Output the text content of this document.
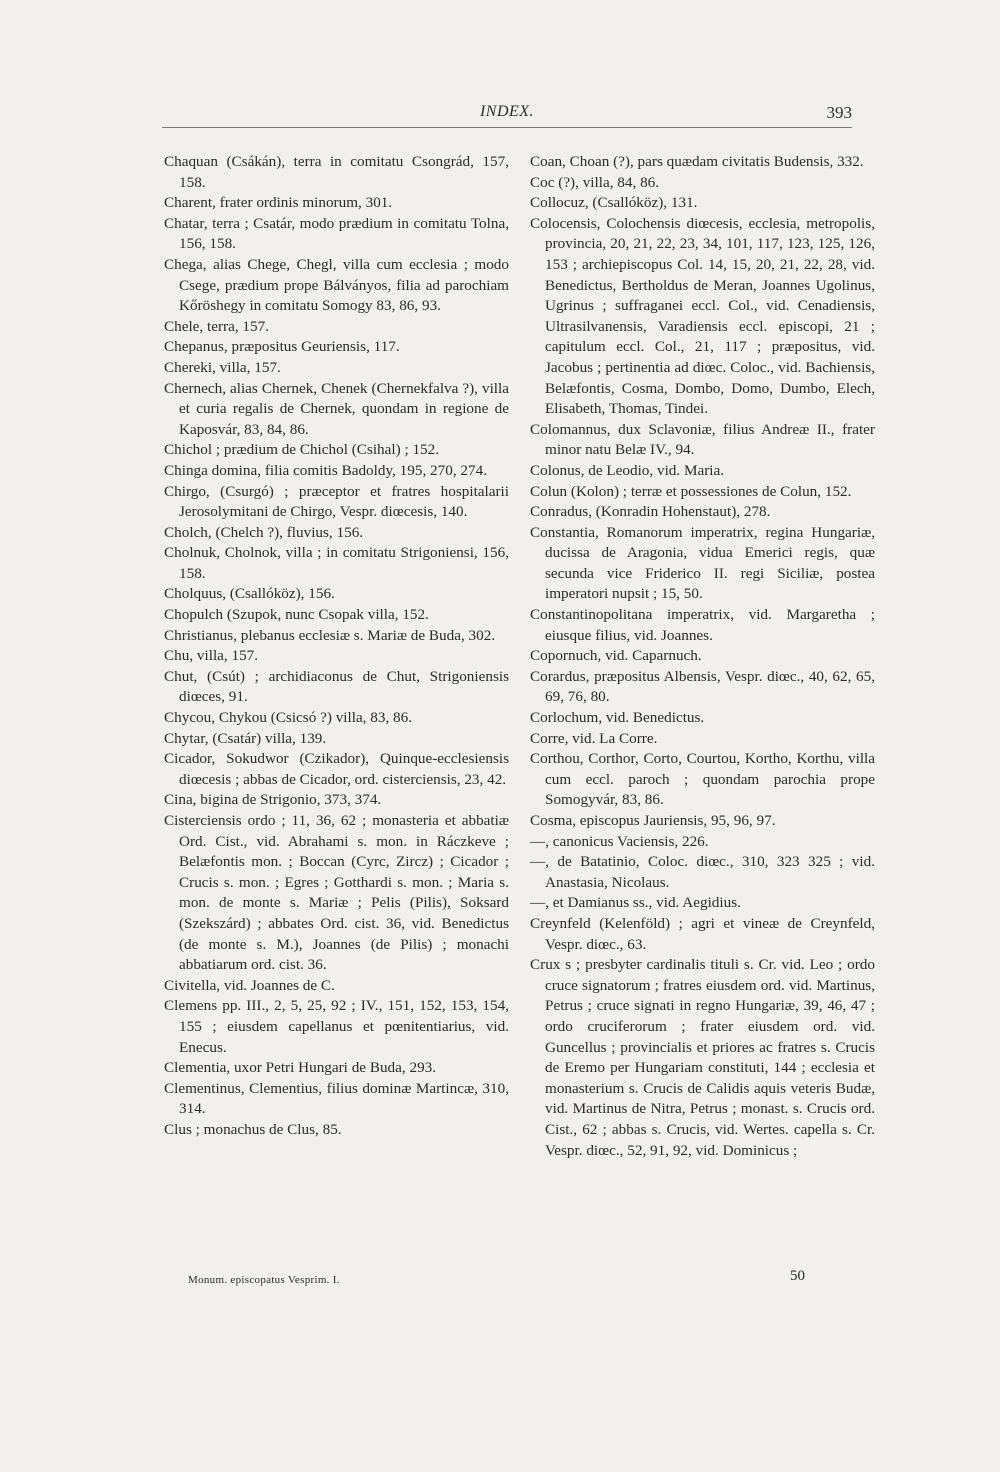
INDEX.	393

Chaquan (Csákán), terra in comitatu Csongrád, 157, 158.

Charent, frater ordinis minorum, 301.

Chatar, terra ; Csatár, modo prædium in comitatu Tolna, 156, 158.

Chega, alias Chege, Chegl, villa cum ecclesia ; modo Csege, prædium prope Bálványos, filia ad parochiam Kőröshegy in comitatu Somogy 83, 86, 93.

Chele, terra, 157.

Chepanus, præpositus Geuriensis, 117.

Chereki, villa, 157.

Chernech, alias Chernek, Chenek (Chernekfalva ?), villa et curia regalis de Chernek, quondam in regione de Kaposvár, 83, 84, 86.

Chichol ; prædium de Chichol (Csihal) ; 152.

Chinga domina, filia comitis Badoldy, 195, 270, 274.

Chirgo, (Csurgó) ; præceptor et fratres hospitalarii Jerosolymitani de Chirgo, Vespr. diœcesis, 140.

Cholch, (Chelch ?), fluvius, 156.

Cholnuk, Cholnok, villa ; in comitatu Strigoniensi, 156, 158.

Cholquus, (Csallóköz), 156.

Chopulch (Szupok, nunc Csopak villa, 152.

Christianus, plebanus ecclesiæ s. Mariæ de Buda, 302.

Chu, villa, 157.

Chut, (Csút) ; archidiaconus de Chut, Strigoniensis diœces, 91.

Chycou, Chykou (Csicsó ?) villa, 83, 86.

Chytar, (Csatár) villa, 139.

Cicador, Sokudwor (Czikador), Quinque-ecclesiensis diœcesis ; abbas de Cicador, ord. cisterciensis, 23, 42.

Cina, bigina de Strigonio, 373, 374.

Cisterciensis ordo ; 11, 36, 62 ; monasteria et abbatiæ Ord. Cist., vid. Abrahami s. mon. in Ráczkeve ; Belæfontis mon. ; Boccan (Cyrc, Zircz) ; Cicador ; Crucis s. mon. ; Egres ; Gotthardi s. mon. ; Maria s. mon. de monte s. Mariæ ; Pelis (Pilis), Soksard (Szekszárd) ; abbates Ord. cist. 36, vid. Benedictus (de monte s. M.), Joannes (de Pilis) ; monachi abbatiarum ord. cist. 36.

Civitella, vid. Joannes de C.

Clemens pp. III., 2, 5, 25, 92 ; IV., 151, 152, 153, 154, 155 ; eiusdem capellanus et pœnitentiarius, vid. Enecus.

Clementia, uxor Petri Hungari de Buda, 293.

Clementinus, Clementius, filius dominæ Martincæ, 310, 314.

Clus ; monachus de Clus, 85.

Coan, Choan (?), pars quædam civitatis Budensis, 332.

Coc (?), villa, 84, 86.

Collocuz, (Csallóköz), 131.

Colocensis, Colochensis diœcesis, ecclesia, metropolis, provincia, 20, 21, 22, 23, 34, 101, 117, 123, 125, 126, 153 ; archiepiscopus Col. 14, 15, 20, 21, 22, 28, vid. Benedictus, Bertholdus de Meran, Joannes Ugolinus, Ugrinus ; suffraganei eccl. Col., vid. Cenadiensis, Ultrasilvanensis, Varadiensis eccl. episcopi, 21 ; capitulum eccl. Col., 21, 117 ; præpositus, vid. Jacobus ; pertinentia ad diœc. Coloc., vid. Bachiensis, Belæfontis, Cosma, Dombo, Domo, Dumbo, Elech, Elisabeth, Thomas, Tindei.

Colomannus, dux Sclavoniæ, filius Andreæ II., frater minor natu Belæ IV., 94.

Colonus, de Leodio, vid. Maria.

Colun (Kolon) ; terræ et possessiones de Colun, 152.

Conradus, (Konradin Hohenstaut), 278.

Constantia, Romanorum imperatrix, regina Hungariæ, ducissa de Aragonia, vidua Emerici regis, quæ secunda vice Friderico II. regi Siciliæ, postea imperatori nupsit ; 15, 50.

Constantinopolitana imperatrix, vid. Margaretha ; eiusque filius, vid. Joannes.

Copornuch, vid. Caparnuch.

Corardus, præpositus Albensis, Vespr. diœc., 40, 62, 65, 69, 76, 80.

Corlochum, vid. Benedictus.

Corre, vid. La Corre.

Corthou, Corthor, Corto, Courtou, Kortho, Korthu, villa cum eccl. paroch ; quondam parochia prope Somogyvár, 83, 86.

Cosma, episcopus Jauriensis, 95, 96, 97.

—, canonicus Vaciensis, 226.

—, de Batatinio, Coloc. diœc., 310, 323 325 ; vid. Anastasia, Nicolaus.

—, et Damianus ss., vid. Aegidius.

Creynfeld (Kelenföld) ; agri et vineæ de Creynfeld, Vespr. diœc., 63.

Crux s ; presbyter cardinalis tituli s. Cr. vid. Leo ; ordo cruce signatorum ; fratres eiusdem ord. vid. Martinus, Petrus ; cruce signati in regno Hungariæ, 39, 46, 47 ; ordo cruciferorum ; frater eiusdem ord. vid. Guncellus ; provincialis et priores ac fratres s. Crucis de Eremo per Hungariam constituti, 144 ; ecclesia et monasterium s. Crucis de Calidis aquis veteris Budæ, vid. Martinus de Nitra, Petrus ; monast. s. Crucis ord. Cist., 62 ; abbas s. Crucis, vid. Wertes. capella s. Cr. Vespr. diœc., 52, 91, 92, vid. Dominicus ;

Monum. episcopatus Vesprim. I.	50
